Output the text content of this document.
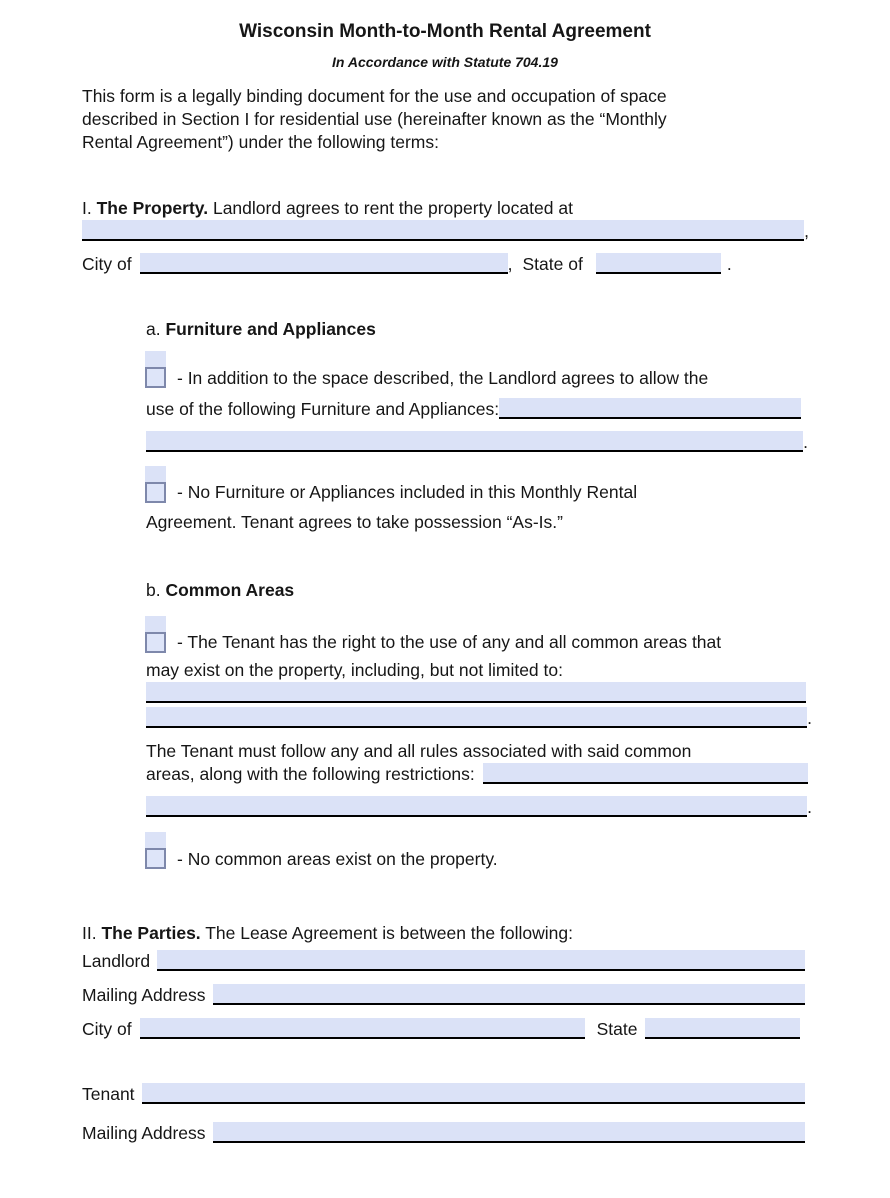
Wisconsin Month-to-Month Rental Agreement
In Accordance with Statute 704.19
This form is a legally binding document for the use and occupation of space
described in Section I for residential use (hereinafter known as the “Monthly
Rental Agreement”) under the following terms:
I. The Property. Landlord agrees to rent the property located at
,
City of	, State of	.
a. Furniture and Appliances
- In addition to the space described, the Landlord agrees to allow the
use of the following Furniture and Appliances:
.
- No Furniture or Appliances included in this Monthly Rental
Agreement. Tenant agrees to take possession “As-Is.”
b. Common Areas
- The Tenant has the right to the use of any and all common areas that
may exist on the property, including, but not limited to:
.
The Tenant must follow any and all rules associated with said common
areas, along with the following restrictions:
.
- No common areas exist on the property.
II. The Parties. The Lease Agreement is between the following:
Landlord
Mailing Address
City of	State
Tenant
Mailing Address
